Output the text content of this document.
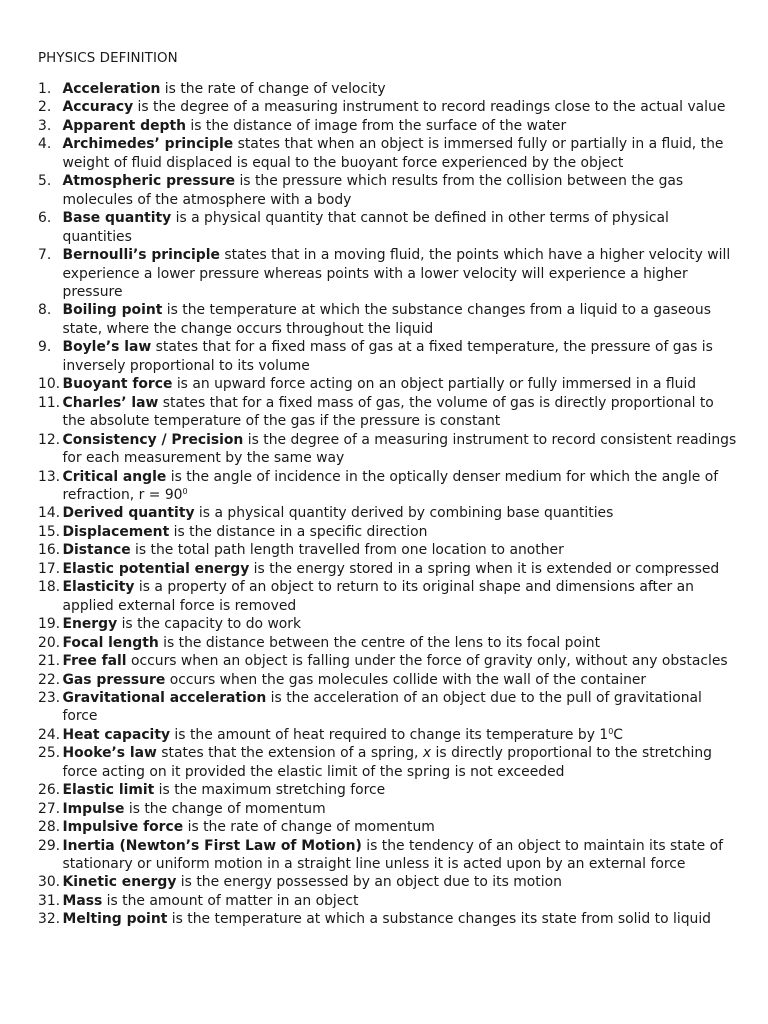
PHYSICS DEFINITION
1. Acceleration is the rate of change of velocity
2. Accuracy is the degree of a measuring instrument to record readings close to the actual value
3. Apparent depth is the distance of image from the surface of the water
4. Archimedes’ principle states that when an object is immersed fully or partially in a fluid, the weight of fluid displaced is equal to the buoyant force experienced by the object
5. Atmospheric pressure is the pressure which results from the collision between the gas molecules of the atmosphere with a body
6. Base quantity is a physical quantity that cannot be defined in other terms of physical quantities
7. Bernoulli’s principle states that in a moving fluid, the points which have a higher velocity will experience a lower pressure whereas points with a lower velocity will experience a higher pressure
8. Boiling point is the temperature at which the substance changes from a liquid to a gaseous state, where the change occurs throughout the liquid
9. Boyle’s law states that for a fixed mass of gas at a fixed temperature, the pressure of gas is inversely proportional to its volume
10. Buoyant force is an upward force acting on an object partially or fully immersed in a fluid
11. Charles’ law states that for a fixed mass of gas, the volume of gas is directly proportional to the absolute temperature of the gas if the pressure is constant
12. Consistency / Precision is the degree of a measuring instrument to record consistent readings for each measurement by the same way
13. Critical angle is the angle of incidence in the optically denser medium for which the angle of refraction, $r = 90^0$
14. Derived quantity is a physical quantity derived by combining base quantities
15. Displacement is the distance in a specific direction
16. Distance is the total path length travelled from one location to another
17. Elastic potential energy is the energy stored in a spring when it is extended or compressed
18. Elasticity is a property of an object to return to its original shape and dimensions after an applied external force is removed
19. Energy is the capacity to do work
20. Focal length is the distance between the centre of the lens to its focal point
21. Free fall occurs when an object is falling under the force of gravity only, without any obstacles
22. Gas pressure occurs when the gas molecules collide with the wall of the container
23. Gravitational acceleration is the acceleration of an object due to the pull of gravitational force
24. Heat capacity is the amount of heat required to change its temperature by $1^0C$
25. Hooke’s law states that the extension of a spring, x is directly proportional to the stretching force acting on it provided the elastic limit of the spring is not exceeded
26. Elastic limit is the maximum stretching force
27. Impulse is the change of momentum
28. Impulsive force is the rate of change of momentum
29. Inertia (Newton’s First Law of Motion) is the tendency of an object to maintain its state of stationary or uniform motion in a straight line unless it is acted upon by an external force
30. Kinetic energy is the energy possessed by an object due to its motion
31. Mass is the amount of matter in an object
32. Melting point is the temperature at which a substance changes its state from solid to liquid
